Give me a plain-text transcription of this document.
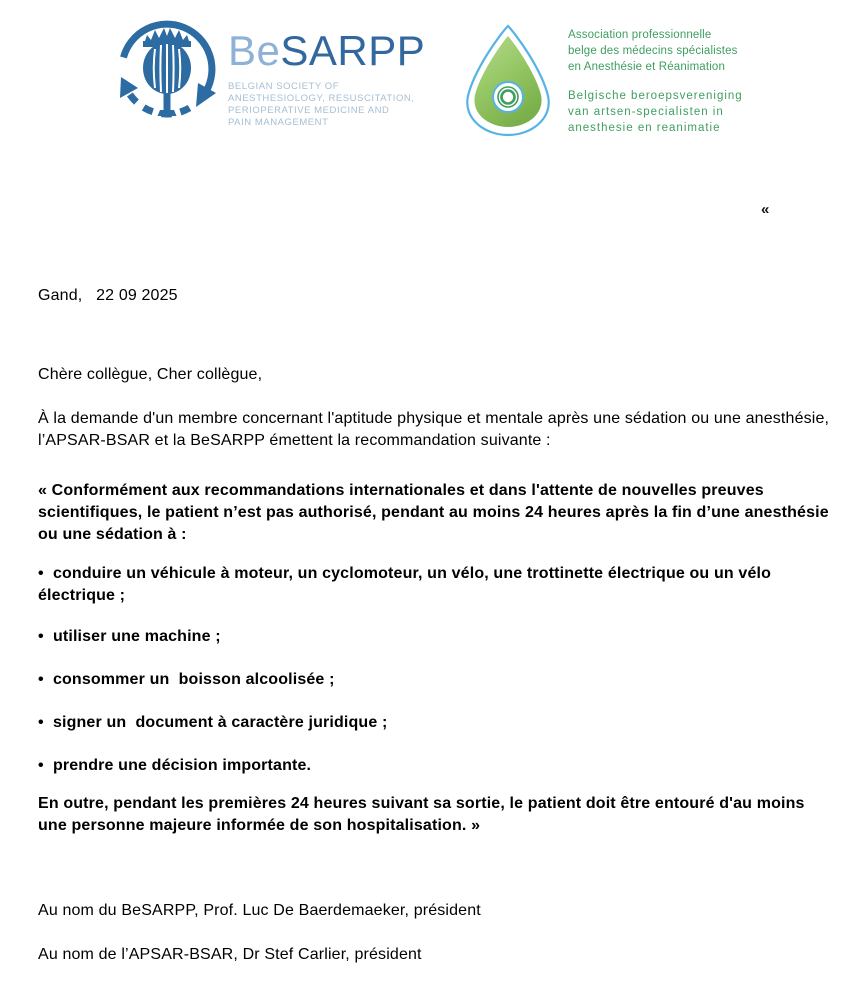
BeSARPP
BELGIAN SOCIETY OF
ANESTHESIOLOGY, RESUSCITATION,
PERIOPERATIVE MEDICINE AND
PAIN MANAGEMENT
Association professionnelle
belge des médecins spécialistes
en Anesthésie et Réanimation
Belgische beroepsvereniging
van artsen-specialisten in
anesthesie en reanimatie
«

Gand,   22 09 2025

Chère collègue, Cher collègue,

À la demande d'un membre concernant l'aptitude physique et mentale après une sédation ou une anesthésie, l’APSAR-BSAR et la BeSARPP émettent la recommandation suivante :

« Conformément aux recommandations internationales et dans l'attente de nouvelles preuves scientifiques, le patient n’est pas authorisé, pendant au moins 24 heures après la fin d’une anesthésie ou une sédation à :

•  conduire un véhicule à moteur, un cyclomoteur, un vélo, une trottinette électrique ou un vélo électrique ;

•  utiliser une machine ;

•  consommer un  boisson alcoolisée ;

•  signer un  document à caractère juridique ;

•  prendre une décision importante.

En outre, pendant les premières 24 heures suivant sa sortie, le patient doit être entouré d'au moins une personne majeure informée de son hospitalisation. »

Au nom du BeSARPP, Prof. Luc De Baerdemaeker, président

Au nom de l’APSAR-BSAR, Dr Stef Carlier, président
